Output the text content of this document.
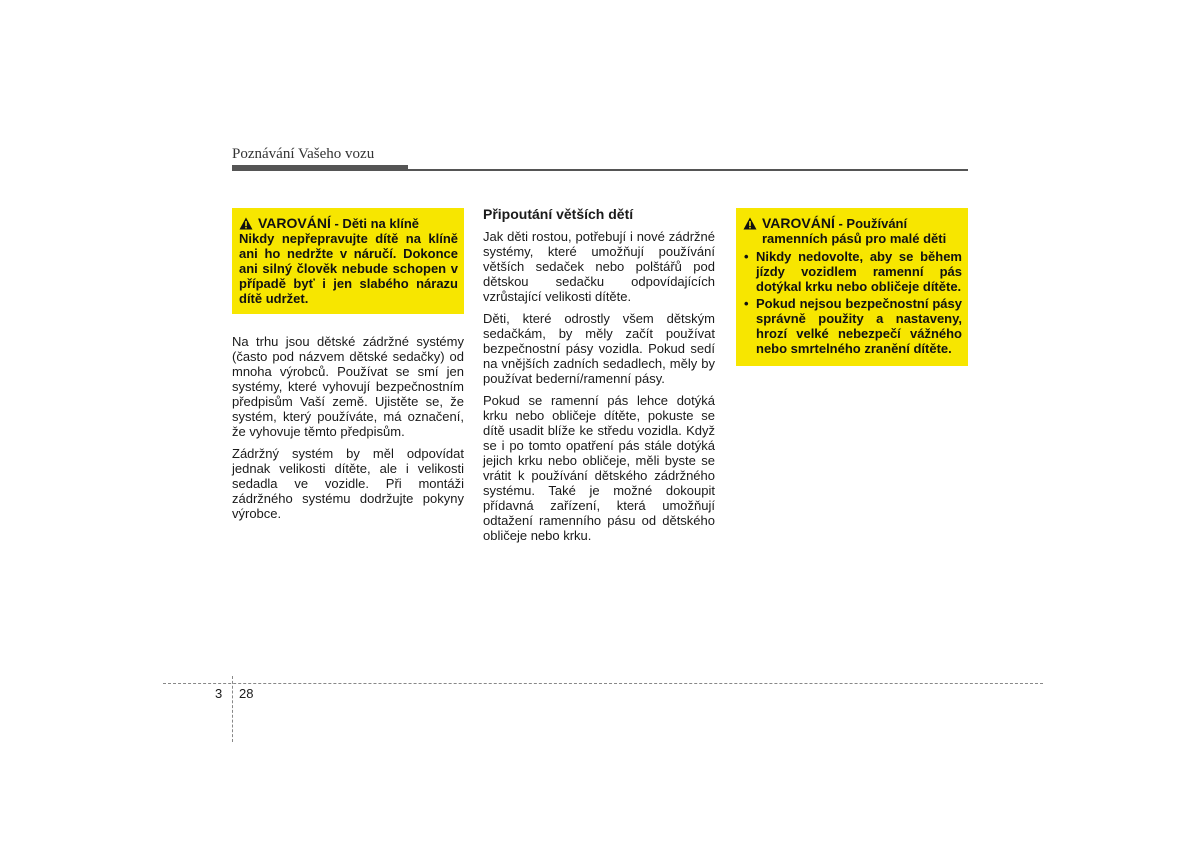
Poznávání Vašeho vozu
VAROVÁNÍ - Děti na klíně
Nikdy nepřepravujte dítě na klíně ani ho nedržte v náručí. Dokonce ani silný člověk nebude schopen v případě byť i jen slabého nárazu dítě udržet.

Na trhu jsou dětské zádržné systémy (často pod názvem dětské sedačky) od mnoha výrobců. Používat se smí jen systémy, které vyhovují bezpečnostním předpisům Vaší země. Ujistěte se, že systém, který používáte, má označení, že vyhovuje těmto předpisům.

Zádržný systém by měl odpovídat jednak velikosti dítěte, ale i velikosti sedadla ve vozidle. Při montáži zádržného systému dodržujte pokyny výrobce.

Připoutání větších dětí

Jak děti rostou, potřebují i nové zádržné systémy, které umožňují používání větších sedaček nebo polštářů pod dětskou sedačku odpovídajících vzrůstající velikosti dítěte.

Děti, které odrostly všem dětským sedačkám, by měly začít používat bezpečnostní pásy vozidla. Pokud sedí na vnějších zadních sedadlech, měly by používat bederní/ramenní pásy.

Pokud se ramenní pás lehce dotýká krku nebo obličeje dítěte, pokuste se dítě usadit blíže ke středu vozidla. Když se i po tomto opatření pás stále dotýká jejich krku nebo obličeje, měli byste se vrátit k používání dětského zádržného systému. Také je možné dokoupit přídavná zařízení, která umožňují odtažení ramenního pásu od dětského obličeje nebo krku.

VAROVÁNÍ - Používání ramenních pásů pro malé děti
• Nikdy nedovolte, aby se během jízdy vozidlem ramenní pás dotýkal krku nebo obličeje dítěte.
• Pokud nejsou bezpečnostní pásy správně použity a nastaveny, hrozí velké nebezpečí vážného nebo smrtelného zranění dítěte.
3 28
